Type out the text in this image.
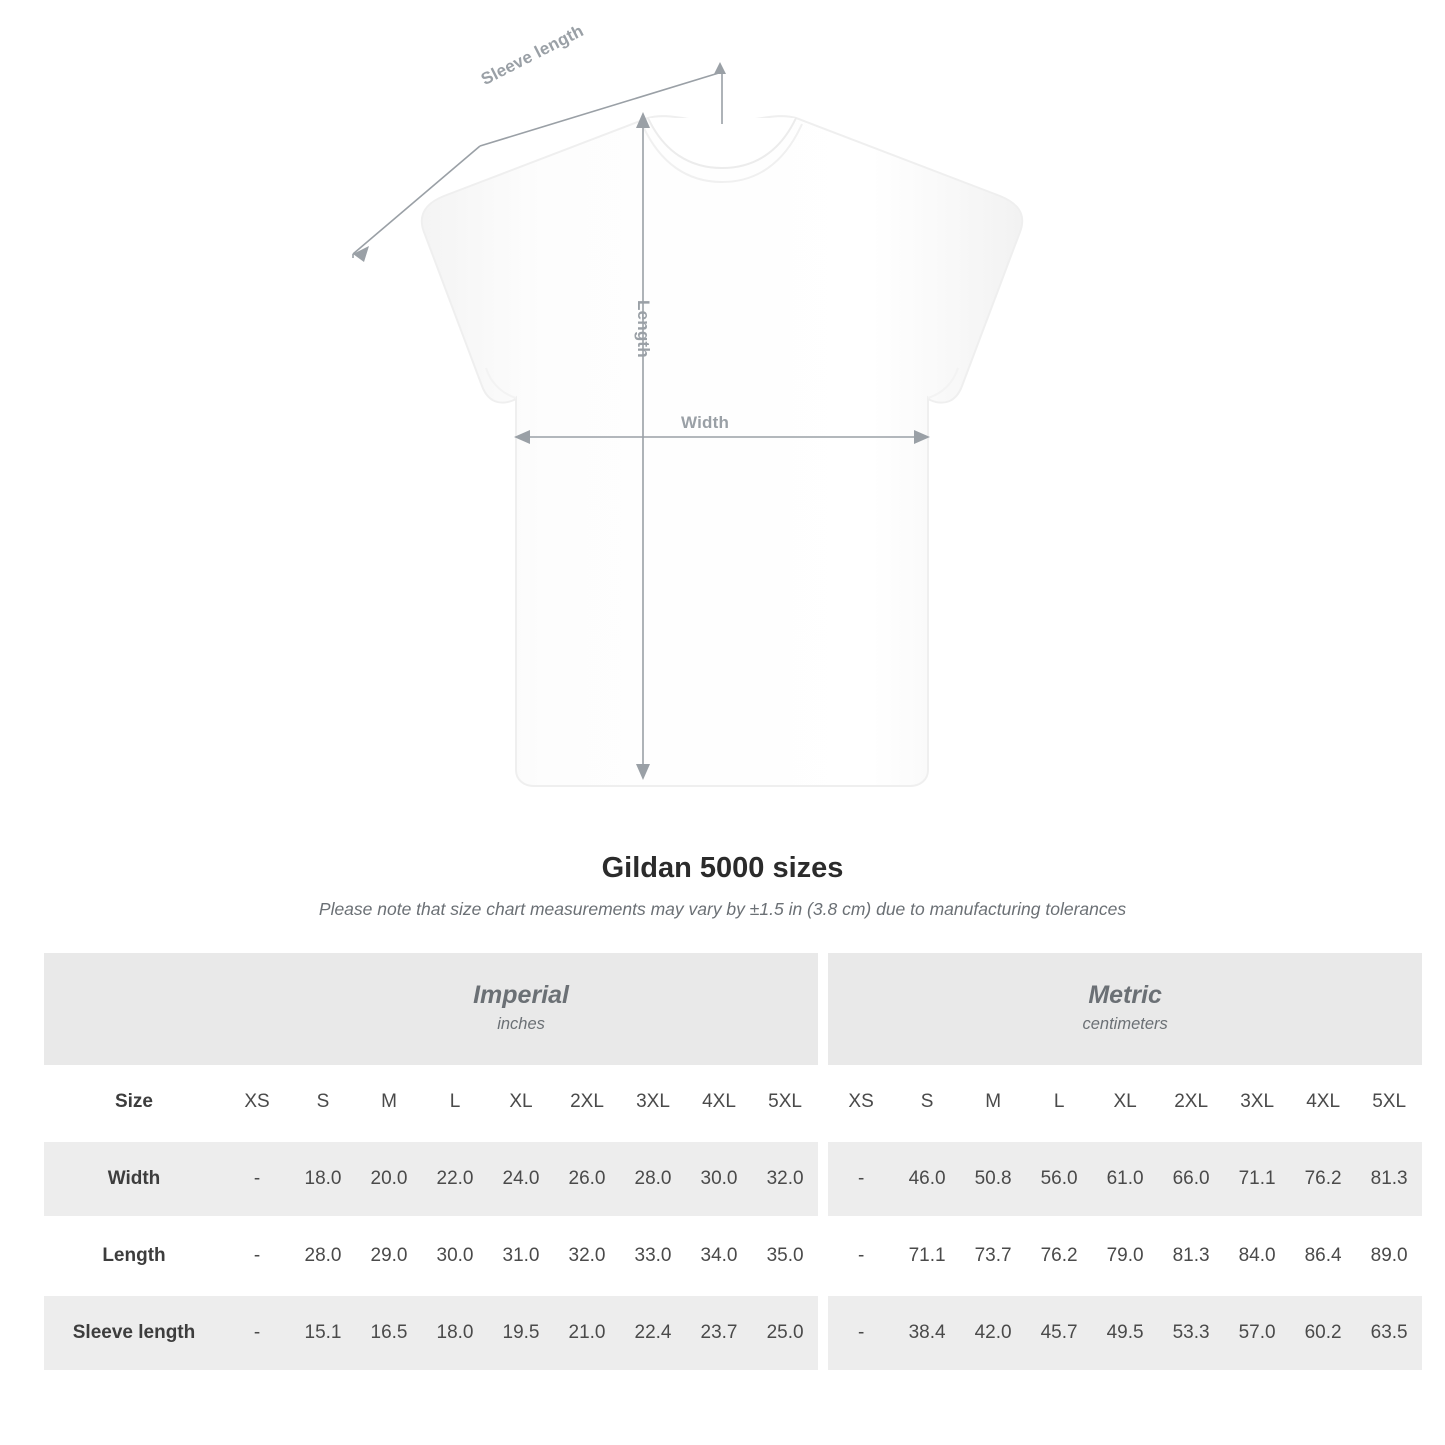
Sleeve length
Length
Width
Gildan 5000 sizes

Please note that size chart measurements may vary by ±1.5 in (3.8 cm) due to manufacturing tolerances

Imperial
inches

Metric
centimeters

Size	XS	S	M	L	XL	2XL	3XL	4XL	5XL		XS	S	M	L	XL	2XL	3XL	4XL	5XL
Width	-	18.0	20.0	22.0	24.0	26.0	28.0	30.0	32.0		-	46.0	50.8	56.0	61.0	66.0	71.1	76.2	81.3
Length	-	28.0	29.0	30.0	31.0	32.0	33.0	34.0	35.0		-	71.1	73.7	76.2	79.0	81.3	84.0	86.4	89.0
Sleeve length	-	15.1	16.5	18.0	19.5	21.0	22.4	23.7	25.0		-	38.4	42.0	45.7	49.5	53.3	57.0	60.2	63.5
